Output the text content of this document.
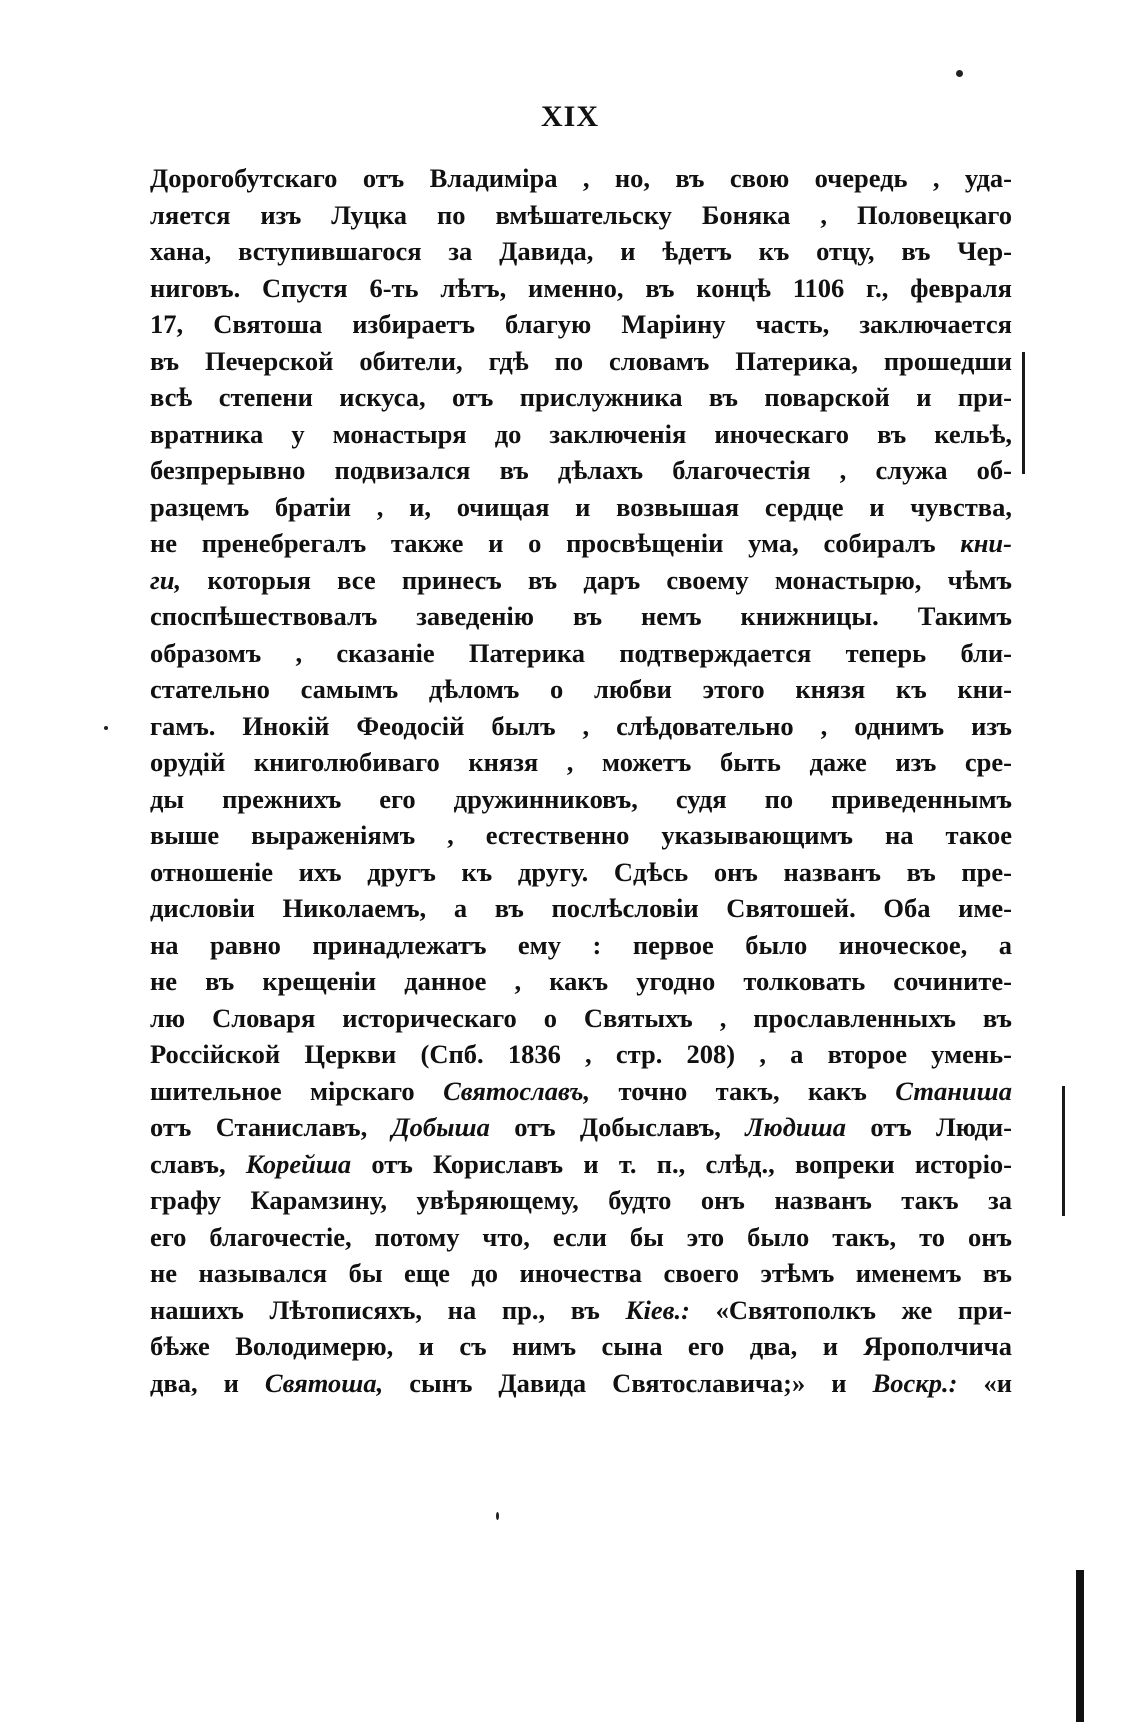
XIX
Дорогобутскаго отъ Владиміра , но, въ свою очередь , уда-
ляется изъ Луцка по вмѣшательску Боняка , Половецкаго
хана, вступившагося за Давида, и ѣдетъ къ отцу, въ Чер-
ниговъ. Спустя 6-ть лѣтъ, именно, въ концѣ 1106 г., февраля
17, Святоша избираетъ благую Маріину часть, заключается
въ Печерской обители, гдѣ по словамъ Патерика, прошедши
всѣ степени искуса, отъ прислужника въ поварской и при-
вратника у монастыря до заключенія иноческаго въ кельѣ,
безпрерывно подвизался въ дѣлахъ благочестія , служа об-
разцемъ братіи , и, очищая и возвышая сердце и чувства,
не пренебрегалъ также и о просвѣщеніи ума, собиралъ кни-
ги, которыя все принесъ въ даръ своему монастырю, чѣмъ
споспѣшествовалъ заведенію въ немъ книжницы. Такимъ
образомъ , сказаніе Патерика подтверждается теперь бли-
стательно самымъ дѣломъ о любви этого князя къ кни-
гамъ. Инокій Феодосій былъ , слѣдовательно , однимъ изъ
орудій книголюбиваго князя , можетъ быть даже изъ сре-
ды прежнихъ его дружинниковъ, судя по приведеннымъ
выше выраженіямъ , естественно указывающимъ на такое
отношеніе ихъ другъ къ другу. Сдѣсь онъ названъ въ пре-
дисловіи Николаемъ, а въ послѣсловіи Святошей. Оба име-
на равно принадлежатъ ему : первое было иноческое, а
не въ крещеніи данное , какъ угодно толковать сочините-
лю Словаря историческаго о Святыхъ , прославленныхъ въ
Россійской Церкви (Спб. 1836 , стр. 208) , а второе умень-
шительное мірскаго Святославъ, точно такъ, какъ Станиша
отъ Станиславъ, Добыша отъ Добыславъ, Людиша отъ Люди-
славъ, Корейша отъ Кориславъ и т. п., слѣд., вопреки исторіо-
графу Карамзину, увѣряющему, будто онъ названъ такъ за
его благочестіе, потому что, если бы это было такъ, то онъ
не назывался бы еще до иночества своего этѣмъ именемъ въ
нашихъ Лѣтописяхъ, на пр., въ Кіев.: «Святополкъ же при-
бѣже Володимерю, и съ нимъ сына его два, и Ярополчича
два, и Святоша, сынъ Давида Святославича;» и Воскр.: «и
